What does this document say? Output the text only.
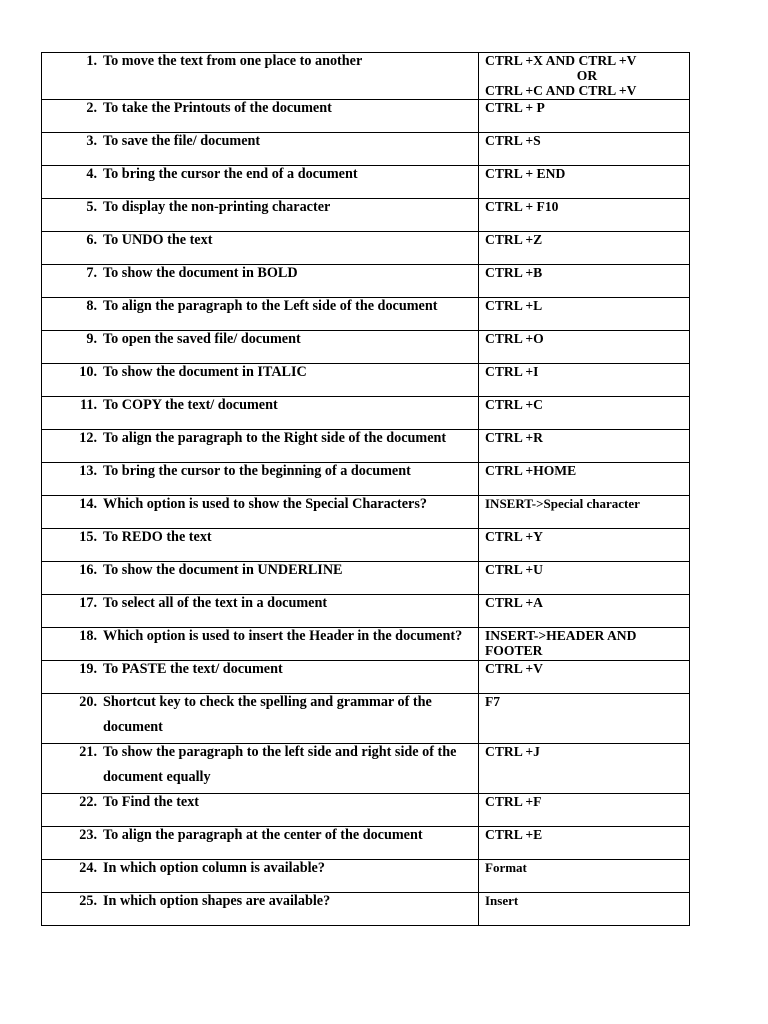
1. To move the text from one place to another	CTRL +X AND CTRL +V
OR
CTRL +C AND CTRL +V

2. To take the Printouts of the document	CTRL + P

3. To save the file/ document	CTRL +S

4. To bring the cursor the end of a document	CTRL + END

5. To display the non-printing character	CTRL + F10

6. To UNDO the text	CTRL +Z

7. To show the document in BOLD	CTRL +B

8. To align the paragraph to the Left side of the document	CTRL +L

9. To open the saved file/ document	CTRL +O

10. To show the document in ITALIC	CTRL +I

11. To COPY the text/ document	CTRL +C

12. To align the paragraph to the Right side of the document	CTRL +R

13. To bring the cursor to the beginning of a document	CTRL +HOME

14. Which option is used to show the Special Characters?	INSERT->Special character

15. To REDO the text	CTRL +Y

16. To show the document in UNDERLINE	CTRL +U

17. To select all of the text in a document	CTRL +A

18. Which option is used to insert the Header in the document?	INSERT->HEADER AND
FOOTER

19. To PASTE the text/ document	CTRL +V

20. Shortcut key to check the spelling and grammar of the document	F7

21. To show the paragraph to the left side and right side of the document equally	CTRL +J

22. To Find the text	CTRL +F

23. To align the paragraph at the center of the document	CTRL +E

24. In which option column is available?	Format

25. In which option shapes are available?	Insert
